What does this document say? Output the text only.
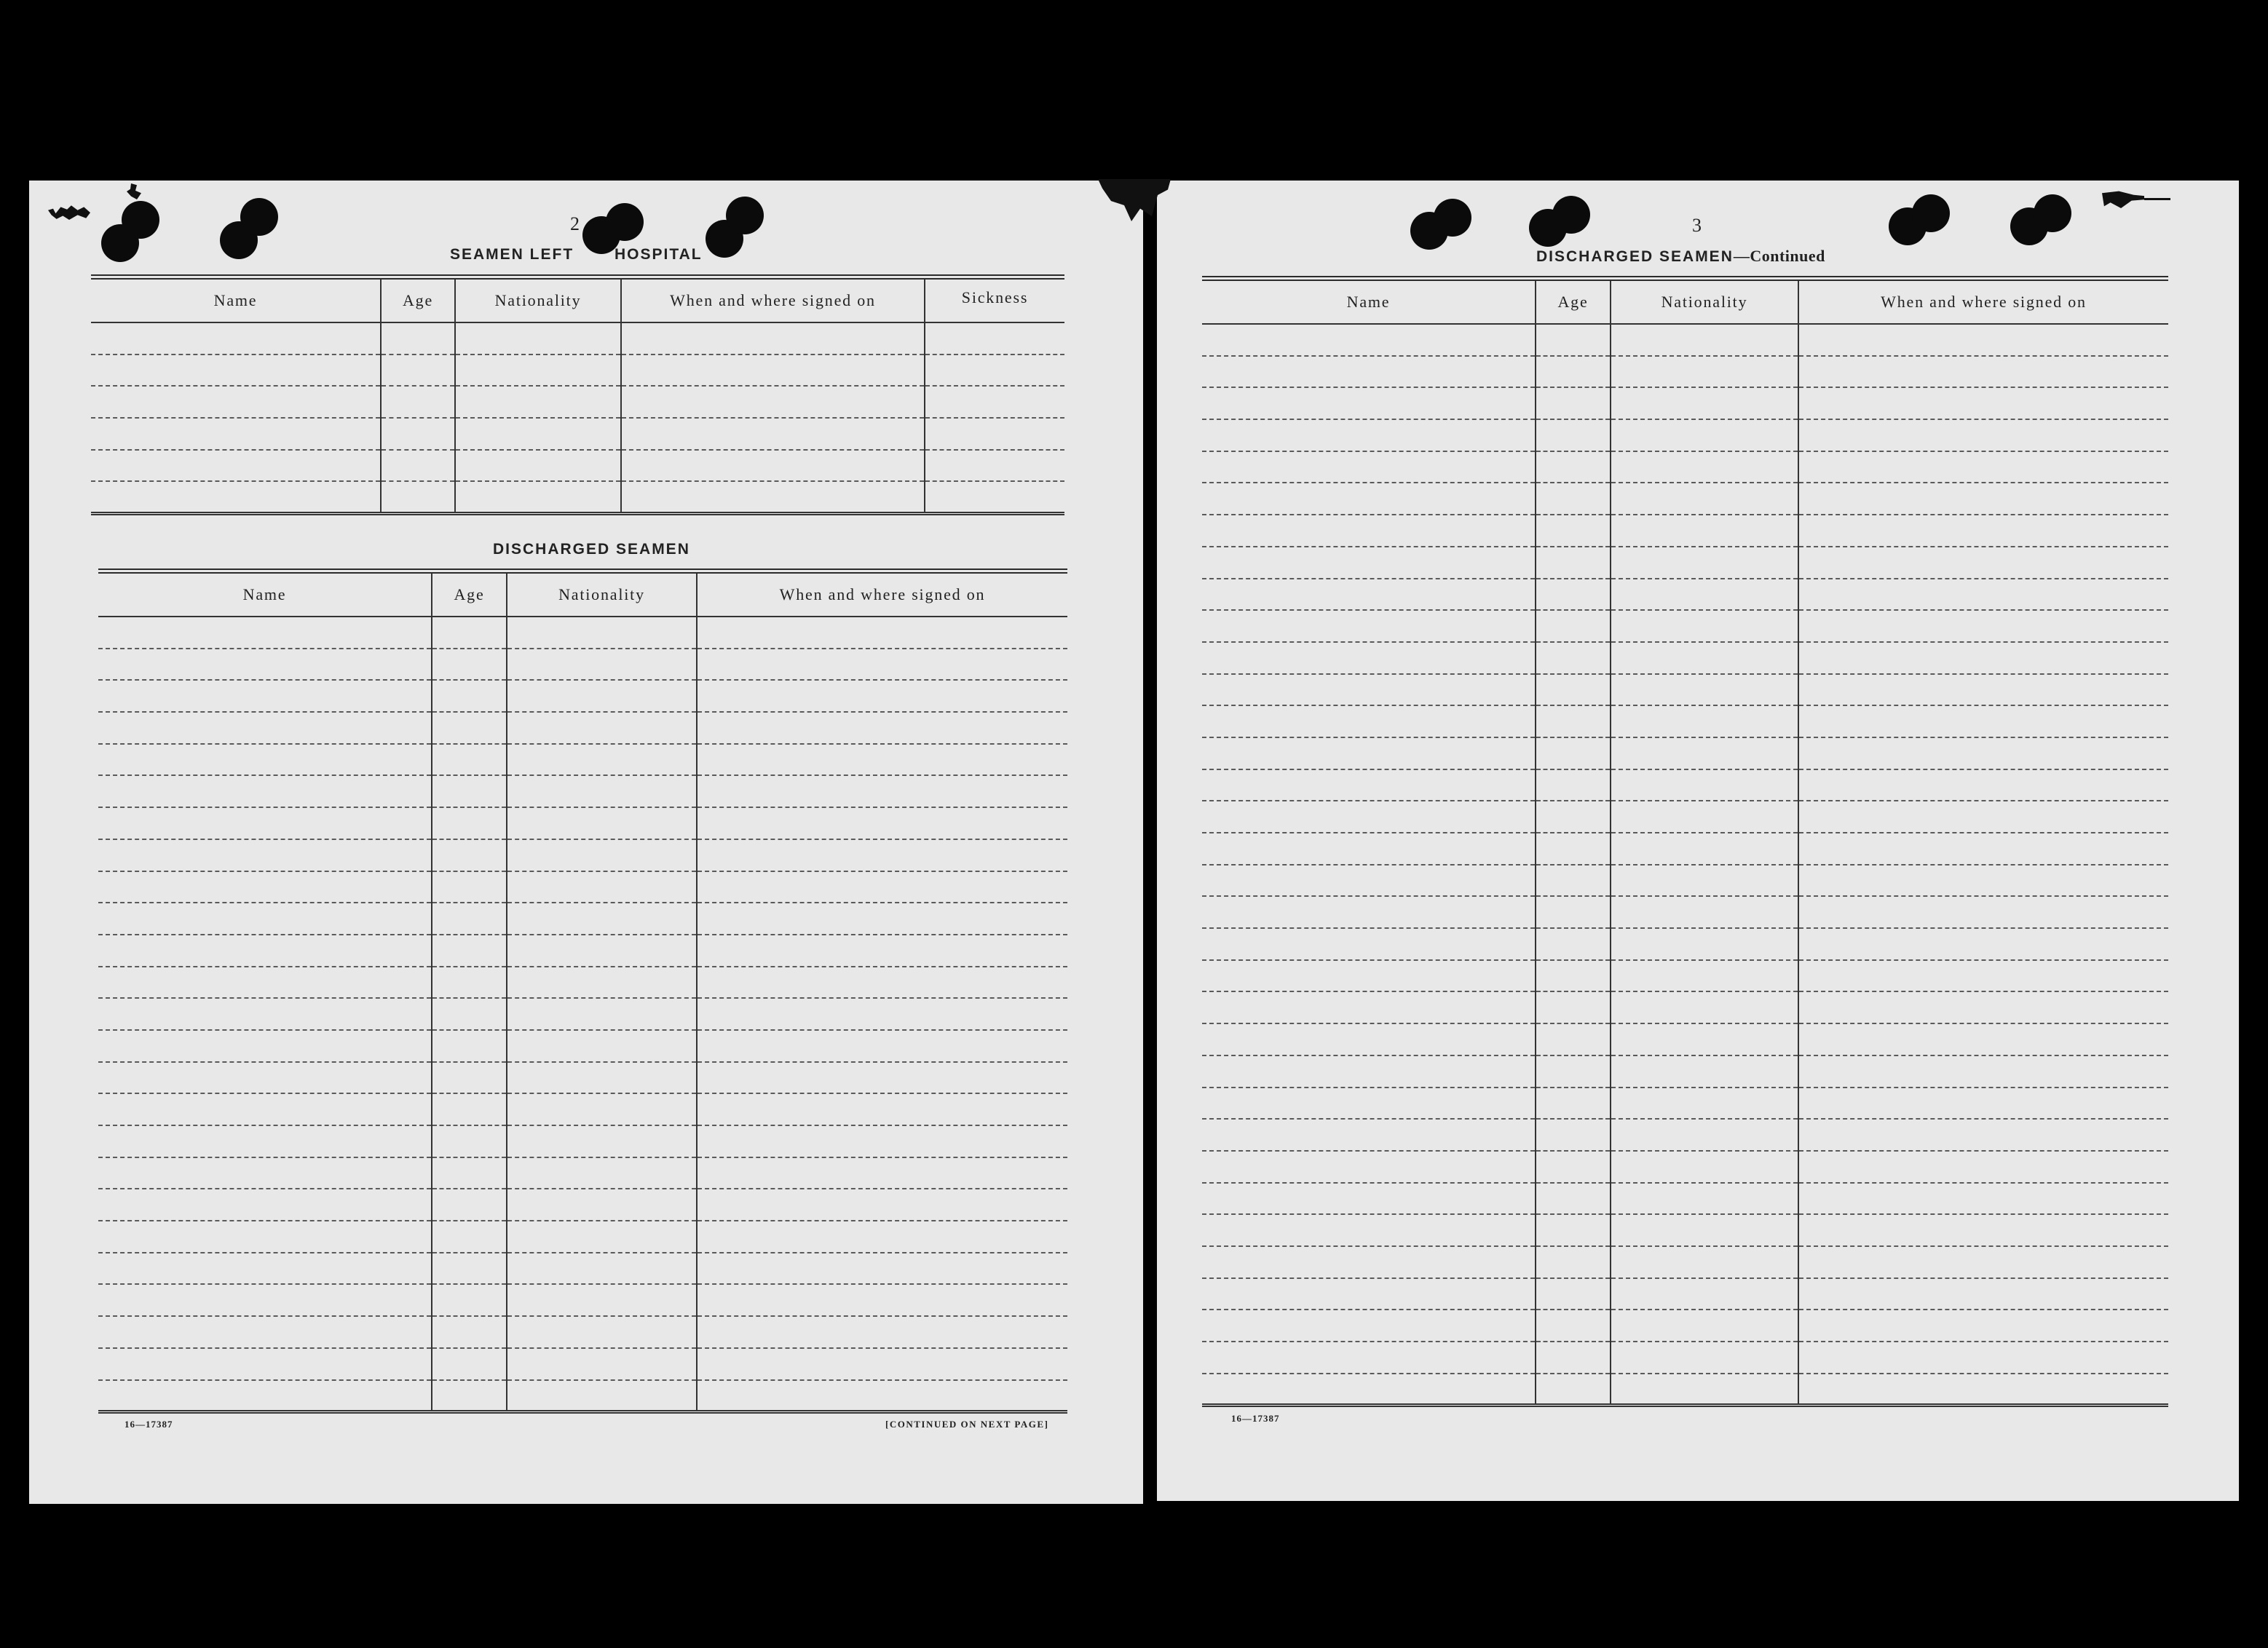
2
SEAMEN LEFT	HOSPITAL
Name	Age	Nationality	When and where signed on	Sickness

DISCHARGED SEAMEN
Name	Age	Nationality	When and where signed on

16—17387	[CONTINUED ON NEXT PAGE]
3
DISCHARGED SEAMEN—Continued
Name	Age	Nationality	When and where signed on

16—17387
